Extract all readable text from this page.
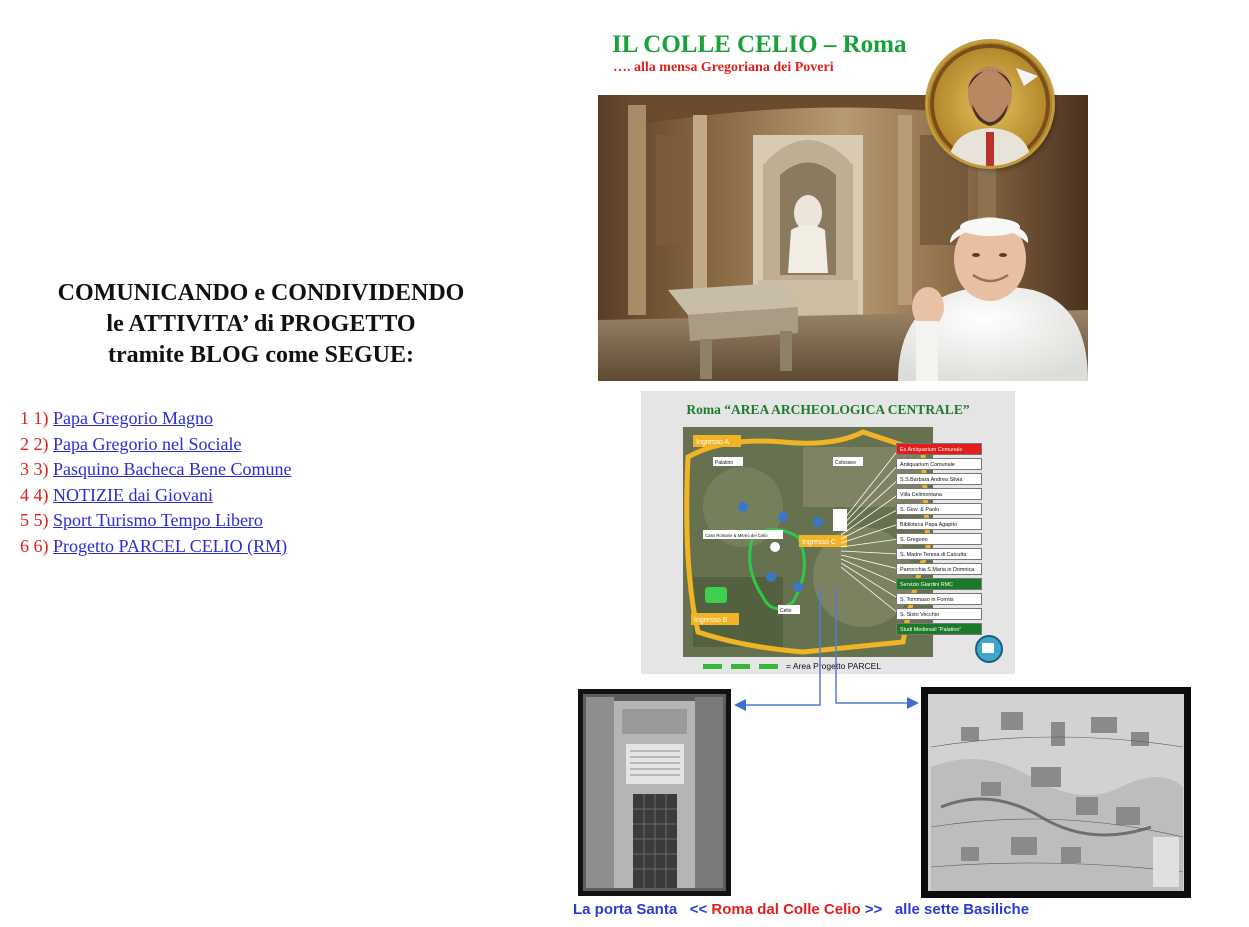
COMUNICANDO e CONDIVIDENDO
le ATTIVITA’ di PROGETTO
tramite BLOG come SEGUE:
1 1) Papa Gregorio Magno
2 2) Papa Gregorio nel Sociale
3 3) Pasquino Bacheca Bene Comune
4 4) NOTIZIE dai Giovani
5 5) Sport Turismo Tempo Libero
6 6) Progetto PARCEL CELIO (RM)
IL COLLE CELIO – Roma
…. alla mensa Gregoriana dei Poveri
Roma “AREA ARCHEOLOGICA CENTRALE”
Ingresso A
Ingresso B
Ingresso C
Palatino	Colosseo
Case Romane & Mitreo del Celio
Celio
Ex Antiquarium Comunale
Antiquarium Comunale
S.S.Barbara Andrea Silvia
Villa Celimontana
S. Giov. & Paolo
Biblioteca Papa Agapito
S. Gregorio
S. Madre Teresa di Calcutta
Parrocchia S.Maria in Domnica
Servizio Giardini RMC
S. Tommaso in Formis
S. Sisto Vecchio
Studi Medievali “Palatino”
= Area Progetto PARCEL
La porta Santa << Roma dal Colle Celio >> alle sette Basiliche
